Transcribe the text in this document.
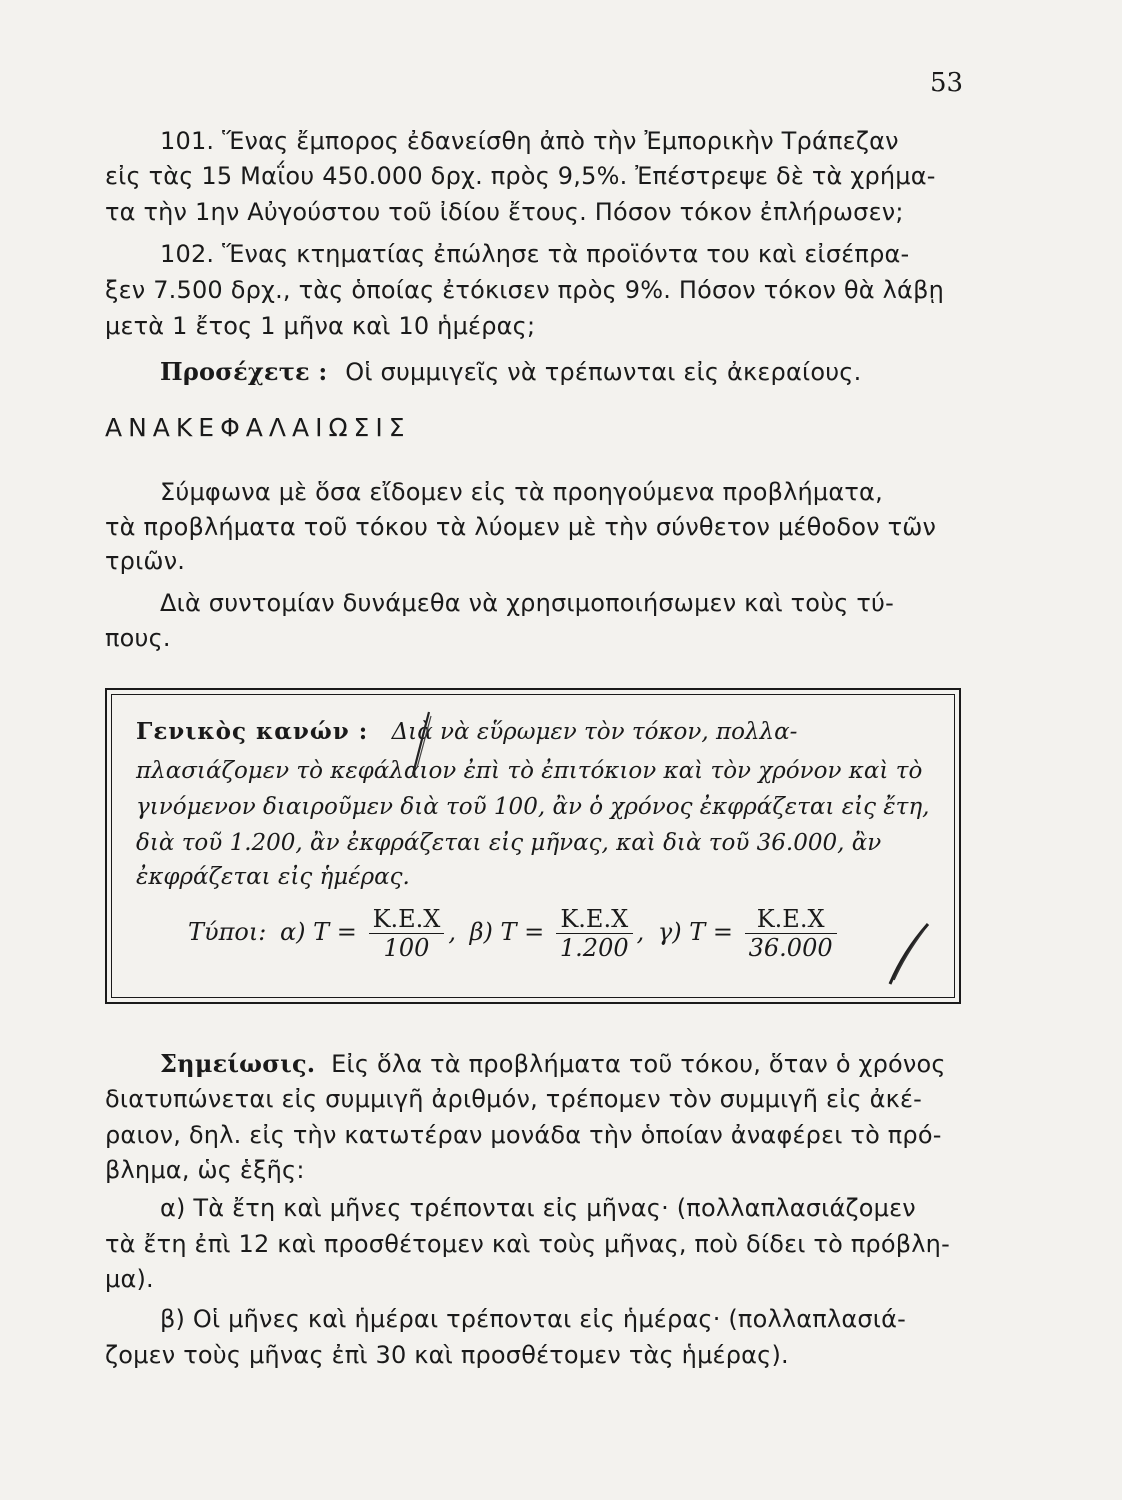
53
101. Ἕνας ἔμπορος ἐδανείσθη ἀπὸ τὴν Ἐμπορικὴν Τράπεζαν
εἰς τὰς 15 Μαΐου 450.000 δρχ. πρὸς 9,5%. Ἐπέστρεψε δὲ τὰ χρήμα-
τα τὴν 1ην Αὐγούστου τοῦ ἰδίου ἔτους. Πόσον τόκον ἐπλήρωσεν;
102. Ἕνας κτηματίας ἐπώλησε τὰ προϊόντα του καὶ εἰσέπρα-
ξεν 7.500 δρχ., τὰς ὁποίας ἐτόκισεν πρὸς 9%. Πόσον τόκον θὰ λάβῃ
μετὰ 1 ἔτος 1 μῆνα καὶ 10 ἡμέρας;
Προσέχετε : Οἱ συμμιγεῖς νὰ τρέπωνται εἰς ἀκεραίους.
ΑΝΑΚΕΦΑΛΑΙΩΣΙΣ
Σύμφωνα μὲ ὅσα εἴδομεν εἰς τὰ προηγούμενα προβλήματα,
τὰ προβλήματα τοῦ τόκου τὰ λύομεν μὲ τὴν σύνθετον μέθοδον τῶν
τριῶν.
Διὰ συντομίαν δυνάμεθα νὰ χρησιμοποιήσωμεν καὶ τοὺς τύ-
πους.
Γενικὸς κανών : Διὰ νὰ εὕρωμεν τὸν τόκον, πολλα-
πλασιάζομεν τὸ κεφάλαιον ἐπὶ τὸ ἐπιτόκιον καὶ τὸν χρόνον καὶ τὸ
γινόμενον διαιροῦμεν διὰ τοῦ 100, ἂν ὁ χρόνος ἐκφράζεται εἰς ἔτη,
διὰ τοῦ 1.200, ἂν ἐκφράζεται εἰς μῆνας, καὶ διὰ τοῦ 36.000, ἂν
ἐκφράζεται εἰς ἡμέρας.
Τύποι: α) $T = \frac{K.E.X}{100}$ , β) $T = \frac{K.E.X}{1.200}$ , γ) $T = \frac{K.E.X}{36.000}$
Σημείωσις. Εἰς ὅλα τὰ προβλήματα τοῦ τόκου, ὅταν ὁ χρόνος
διατυπώνεται εἰς συμμιγῆ ἀριθμόν, τρέπομεν τὸν συμμιγῆ εἰς ἀκέ-
ραιον, δηλ. εἰς τὴν κατωτέραν μονάδα τὴν ὁποίαν ἀναφέρει τὸ πρό-
βλημα, ὡς ἑξῆς:
α) Τὰ ἔτη καὶ μῆνες τρέπονται εἰς μῆνας· (πολλαπλασιάζομεν
τὰ ἔτη ἐπὶ 12 καὶ προσθέτομεν καὶ τοὺς μῆνας, ποὺ δίδει τὸ πρόβλη-
μα).
β) Οἱ μῆνες καὶ ἡμέραι τρέπονται εἰς ἡμέρας· (πολλαπλασιά-
ζομεν τοὺς μῆνας ἐπὶ 30 καὶ προσθέτομεν τὰς ἡμέρας).
